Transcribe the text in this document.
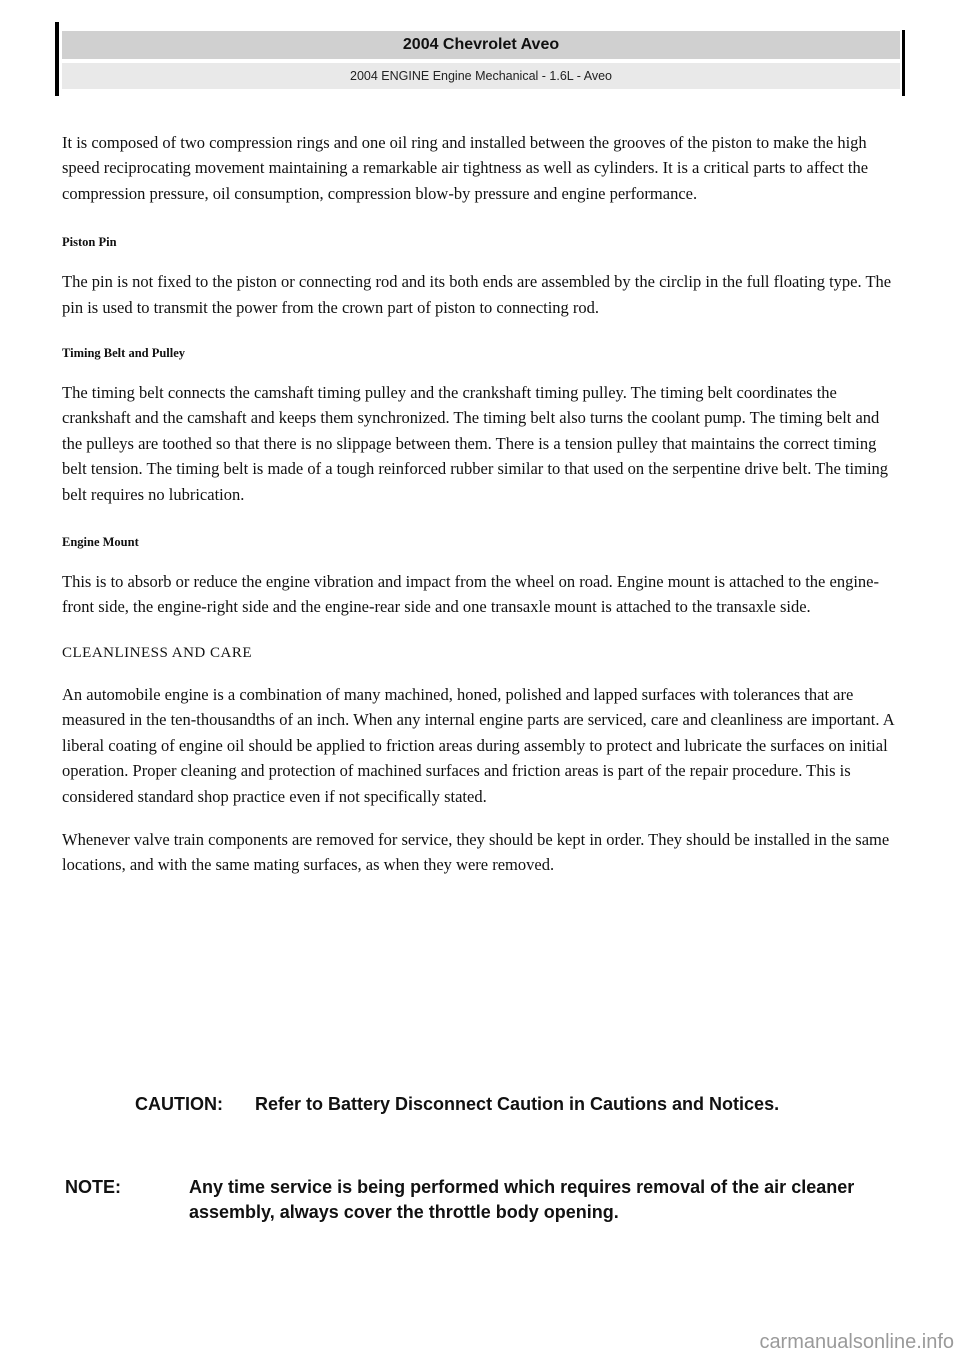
2004 Chevrolet Aveo
2004 ENGINE Engine Mechanical - 1.6L - Aveo

It is composed of two compression rings and one oil ring and installed between the grooves of the piston to make the high speed reciprocating movement maintaining a remarkable air tightness as well as cylinders. It is a critical parts to affect the compression pressure, oil consumption, compression blow-by pressure and engine performance.

Piston Pin

The pin is not fixed to the piston or connecting rod and its both ends are assembled by the circlip in the full floating type. The pin is used to transmit the power from the crown part of piston to connecting rod.

Timing Belt and Pulley

The timing belt connects the camshaft timing pulley and the crankshaft timing pulley. The timing belt coordinates the crankshaft and the camshaft and keeps them synchronized. The timing belt also turns the coolant pump. The timing belt and the pulleys are toothed so that there is no slippage between them. There is a tension pulley that maintains the correct timing belt tension. The timing belt is made of a tough reinforced rubber similar to that used on the serpentine drive belt. The timing belt requires no lubrication.

Engine Mount

This is to absorb or reduce the engine vibration and impact from the wheel on road. Engine mount is attached to the engine-front side, the engine-right side and the engine-rear side and one transaxle mount is attached to the transaxle side.

CLEANLINESS AND CARE

An automobile engine is a combination of many machined, honed, polished and lapped surfaces with tolerances that are measured in the ten-thousandths of an inch. When any internal engine parts are serviced, care and cleanliness are important. A liberal coating of engine oil should be applied to friction areas during assembly to protect and lubricate the surfaces on initial operation. Proper cleaning and protection of machined surfaces and friction areas is part of the repair procedure. This is considered standard shop practice even if not specifically stated.

Whenever valve train components are removed for service, they should be kept in order. They should be installed in the same locations, and with the same mating surfaces, as when they were removed.

CAUTION:	Refer to Battery Disconnect Caution in Cautions and Notices.
NOTE:	Any time service is being performed which requires removal of the air cleaner assembly, always cover the throttle body opening.
carmanualsonline.info
